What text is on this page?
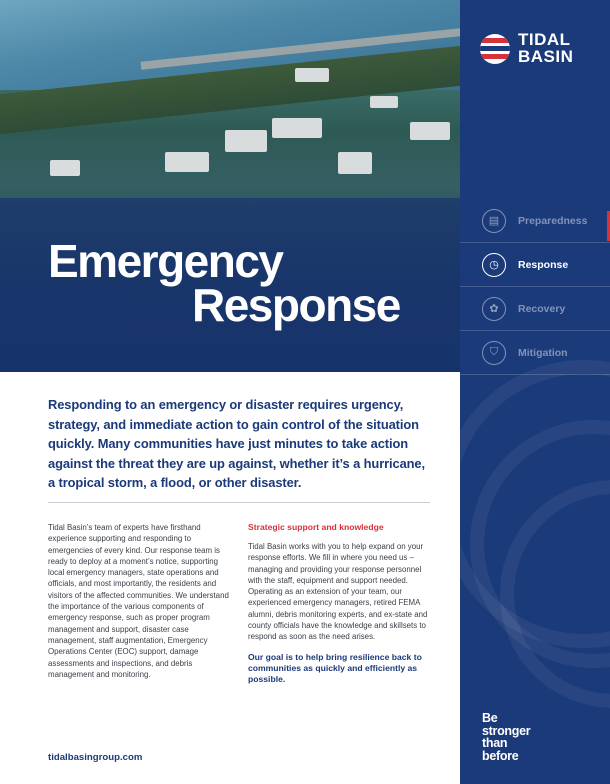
Emergency
Response
TIDAL
BASIN
▤	Preparedness
◷	Response
✿	Recovery
⛉	Mitigation
Be
stronger
than
before

Responding to an emergency or disaster requires urgency, strategy, and immediate action to gain control of the situation quickly. Many communities have just minutes to take action against the threat they are up against, whether it’s a hurricane, a tropical storm, a flood, or other disaster.

Tidal Basin’s team of experts have firsthand experience supporting and responding to emergencies of every kind. Our response team is ready to deploy at a moment’s notice, supporting local emergency managers, state operations and officials, and most importantly, the residents and visitors of the affected communities. We understand the importance of the various components of emergency response, such as proper program management and support, disaster case management, staff augmentation, Emergency Operations Center (EOC) support, damage assessments and inspections, and debris management and monitoring.

Strategic support and knowledge

Tidal Basin works with you to help expand on your response efforts. We fill in where you need us – managing and providing your response personnel with the staff, equipment and support needed. Operating as an extension of your team, our experienced emergency managers, retired FEMA alumni, debris monitoring experts, and ex-state and county officials have the knowledge and skillsets to respond as soon as the need arises.

Our goal is to help bring resilience back to communities as quickly and efficiently as possible.

tidalbasingroup.com
